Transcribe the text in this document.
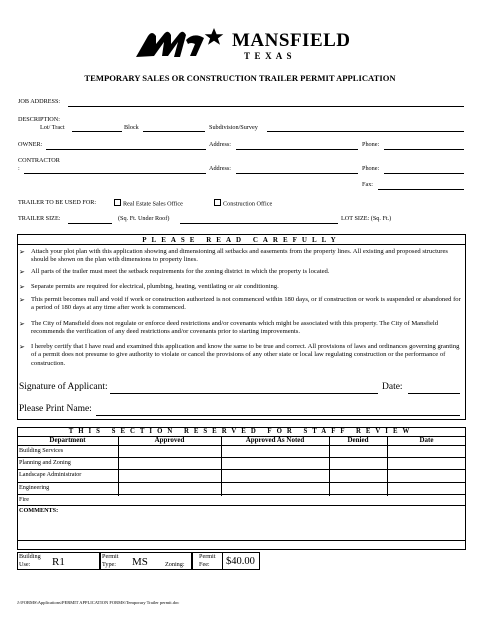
MANSFIELD
T E X A S
TEMPORARY SALES OR CONSTRUCTION TRAILER PERMIT APPLICATION
JOB ADDRESS:
DESCRIPTION:
Lot/ Tract	Block	Subdivision/Survey
OWNER:	Address:	Phone:
CONTRACTOR
:	Address:	Phone:
Fax:
TRAILER TO BE USED FOR:	Real Estate Sales Office	Construction Office
TRAILER SIZE:	(Sq. Ft. Under Roof)	LOT SIZE: (Sq. Ft.)
PLEASE READ CAREFULLY
➢ Attach your plot plan with this application showing and dimensioning all setbacks and easements from the property lines. All existing and proposed structures should be shown on the plan with dimensions to property lines.
➢ All parts of the trailer must meet the setback requirements for the zoning district in which the property is located.
➢ Separate permits are required for electrical, plumbing, heating, ventilating or air conditioning.
➢ This permit becomes null and void if work or construction authorized is not commenced within 180 days, or if construction or work is suspended or abandoned for a period of 180 days at any time after work is commenced.
➢ The City of Mansfield does not regulate or enforce deed restrictions and/or covenants which might be associated with this property. The City of Mansfield recommends the verification of any deed restrictions and/or covenants prior to starting improvements.
➢ I hereby certify that I have read and examined this application and know the same to be true and correct. All provisions of laws and ordinances governing granting of a permit does not presume to give authority to violate or cancel the provisions of any other state or local law regulating construction or the performance of construction.
Signature of Applicant:	Date:
Please Print Name:
THIS SECTION RESERVED FOR STAFF REVIEW
Department	Approved	Approved As Noted	Denied	Date
Building Services
Planning and Zoning
Landscape Administrator
Engineering
Fire
COMMENTS:
Building Use:	R1	Permit Type:	MS	Zoning:
Permit Fee:	$40.00
J:\FORMS\Applications\PERMIT APPLICATION FORMS\Temporary Trailer permit.doc
